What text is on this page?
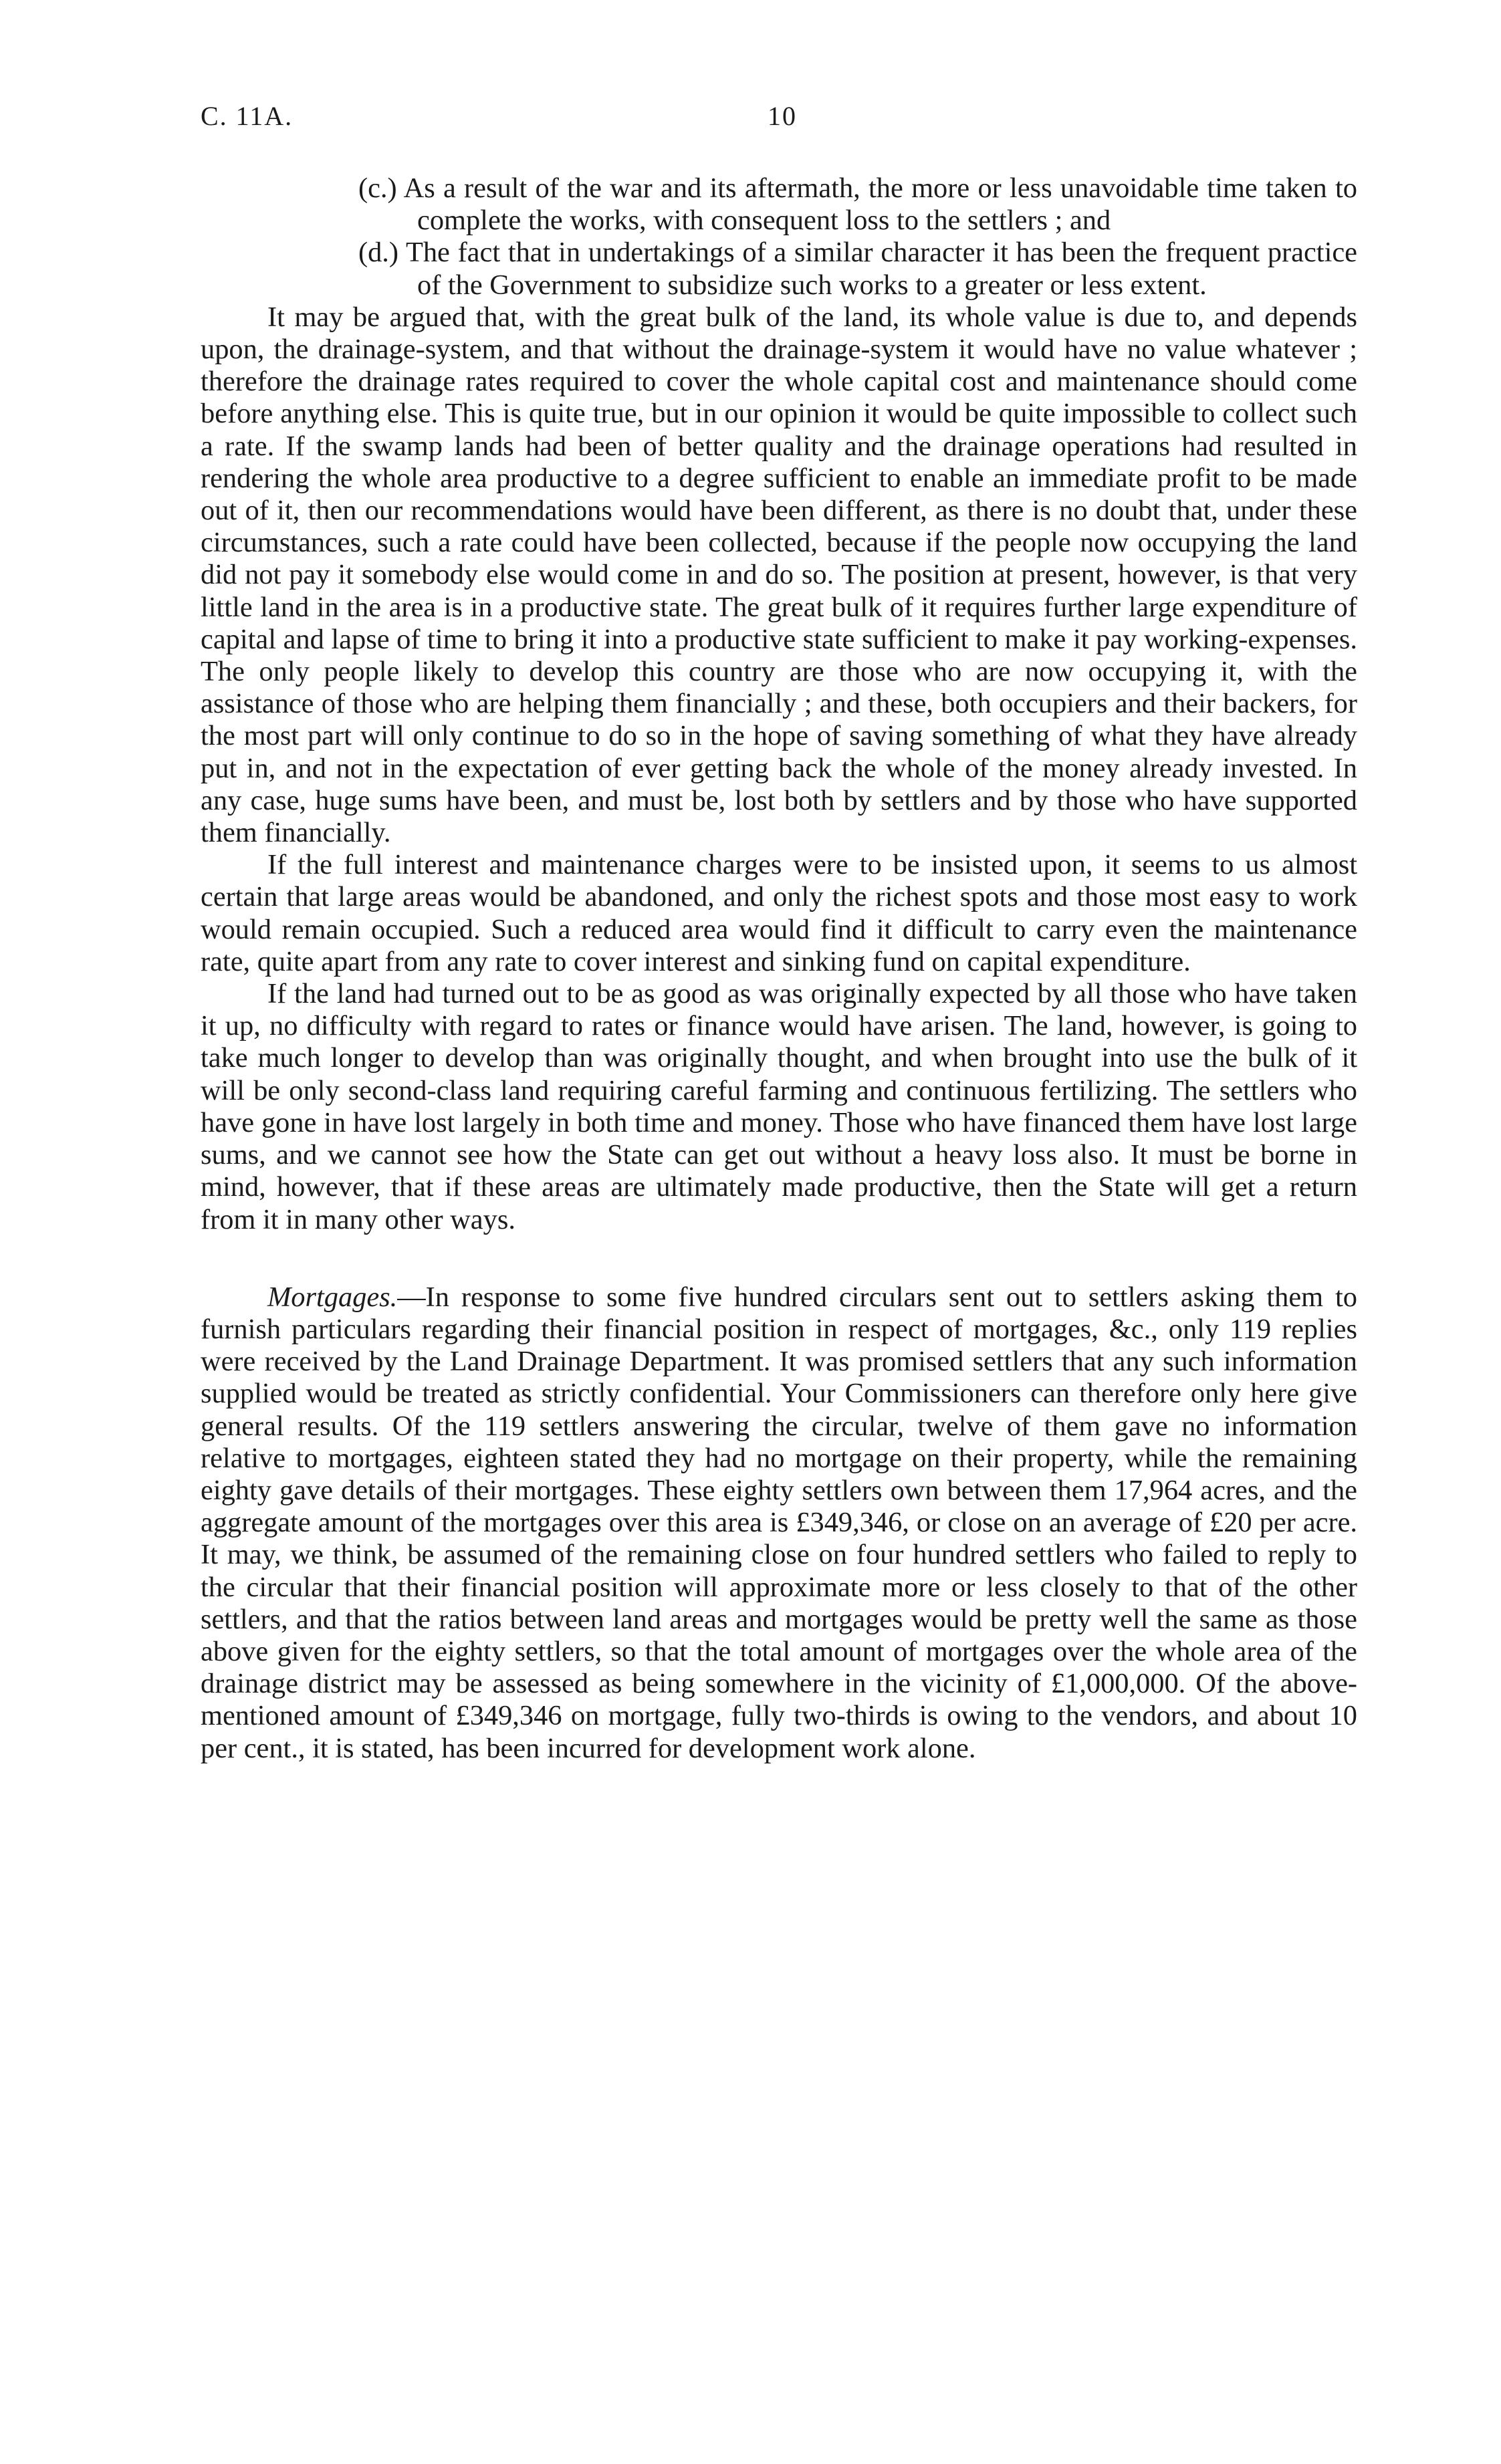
C. 11A.	10

(c.) As a result of the war and its aftermath, the more or less unavoidable time taken to complete the works, with consequent loss to the settlers ; and

(d.) The fact that in undertakings of a similar character it has been the frequent practice of the Government to subsidize such works to a greater or less extent.

It may be argued that, with the great bulk of the land, its whole value is due to, and depends upon, the drainage-system, and that without the drainage-system it would have no value whatever ; therefore the drainage rates required to cover the whole capital cost and maintenance should come before anything else. This is quite true, but in our opinion it would be quite impossible to collect such a rate. If the swamp lands had been of better quality and the drainage operations had resulted in rendering the whole area productive to a degree sufficient to enable an immediate profit to be made out of it, then our recommendations would have been different, as there is no doubt that, under these circumstances, such a rate could have been collected, because if the people now occupying the land did not pay it somebody else would come in and do so. The position at present, however, is that very little land in the area is in a productive state. The great bulk of it requires further large expenditure of capital and lapse of time to bring it into a productive state sufficient to make it pay working-expenses. The only people likely to develop this country are those who are now occupying it, with the assistance of those who are helping them financially ; and these, both occupiers and their backers, for the most part will only continue to do so in the hope of saving something of what they have already put in, and not in the expectation of ever getting back the whole of the money already invested. In any case, huge sums have been, and must be, lost both by settlers and by those who have supported them financially.

If the full interest and maintenance charges were to be insisted upon, it seems to us almost certain that large areas would be abandoned, and only the richest spots and those most easy to work would remain occupied. Such a reduced area would find it difficult to carry even the maintenance rate, quite apart from any rate to cover interest and sinking fund on capital expenditure.

If the land had turned out to be as good as was originally expected by all those who have taken it up, no difficulty with regard to rates or finance would have arisen. The land, however, is going to take much longer to develop than was originally thought, and when brought into use the bulk of it will be only second-class land requiring careful farming and continuous fertilizing. The settlers who have gone in have lost largely in both time and money. Those who have financed them have lost large sums, and we cannot see how the State can get out without a heavy loss also. It must be borne in mind, however, that if these areas are ultimately made productive, then the State will get a return from it in many other ways.

Mortgages.—In response to some five hundred circulars sent out to settlers asking them to furnish particulars regarding their financial position in respect of mortgages, &c., only 119 replies were received by the Land Drainage Department. It was promised settlers that any such information supplied would be treated as strictly confidential. Your Commissioners can therefore only here give general results. Of the 119 settlers answering the circular, twelve of them gave no information relative to mortgages, eighteen stated they had no mortgage on their property, while the remaining eighty gave details of their mortgages. These eighty settlers own between them 17,964 acres, and the aggregate amount of the mortgages over this area is £349,346, or close on an average of £20 per acre. It may, we think, be assumed of the remaining close on four hundred settlers who failed to reply to the circular that their financial position will approximate more or less closely to that of the other settlers, and that the ratios between land areas and mortgages would be pretty well the same as those above given for the eighty settlers, so that the total amount of mortgages over the whole area of the drainage district may be assessed as being somewhere in the vicinity of £1,000,000. Of the above-mentioned amount of £349,346 on mortgage, fully two-thirds is owing to the vendors, and about 10 per cent., it is stated, has been incurred for development work alone.
